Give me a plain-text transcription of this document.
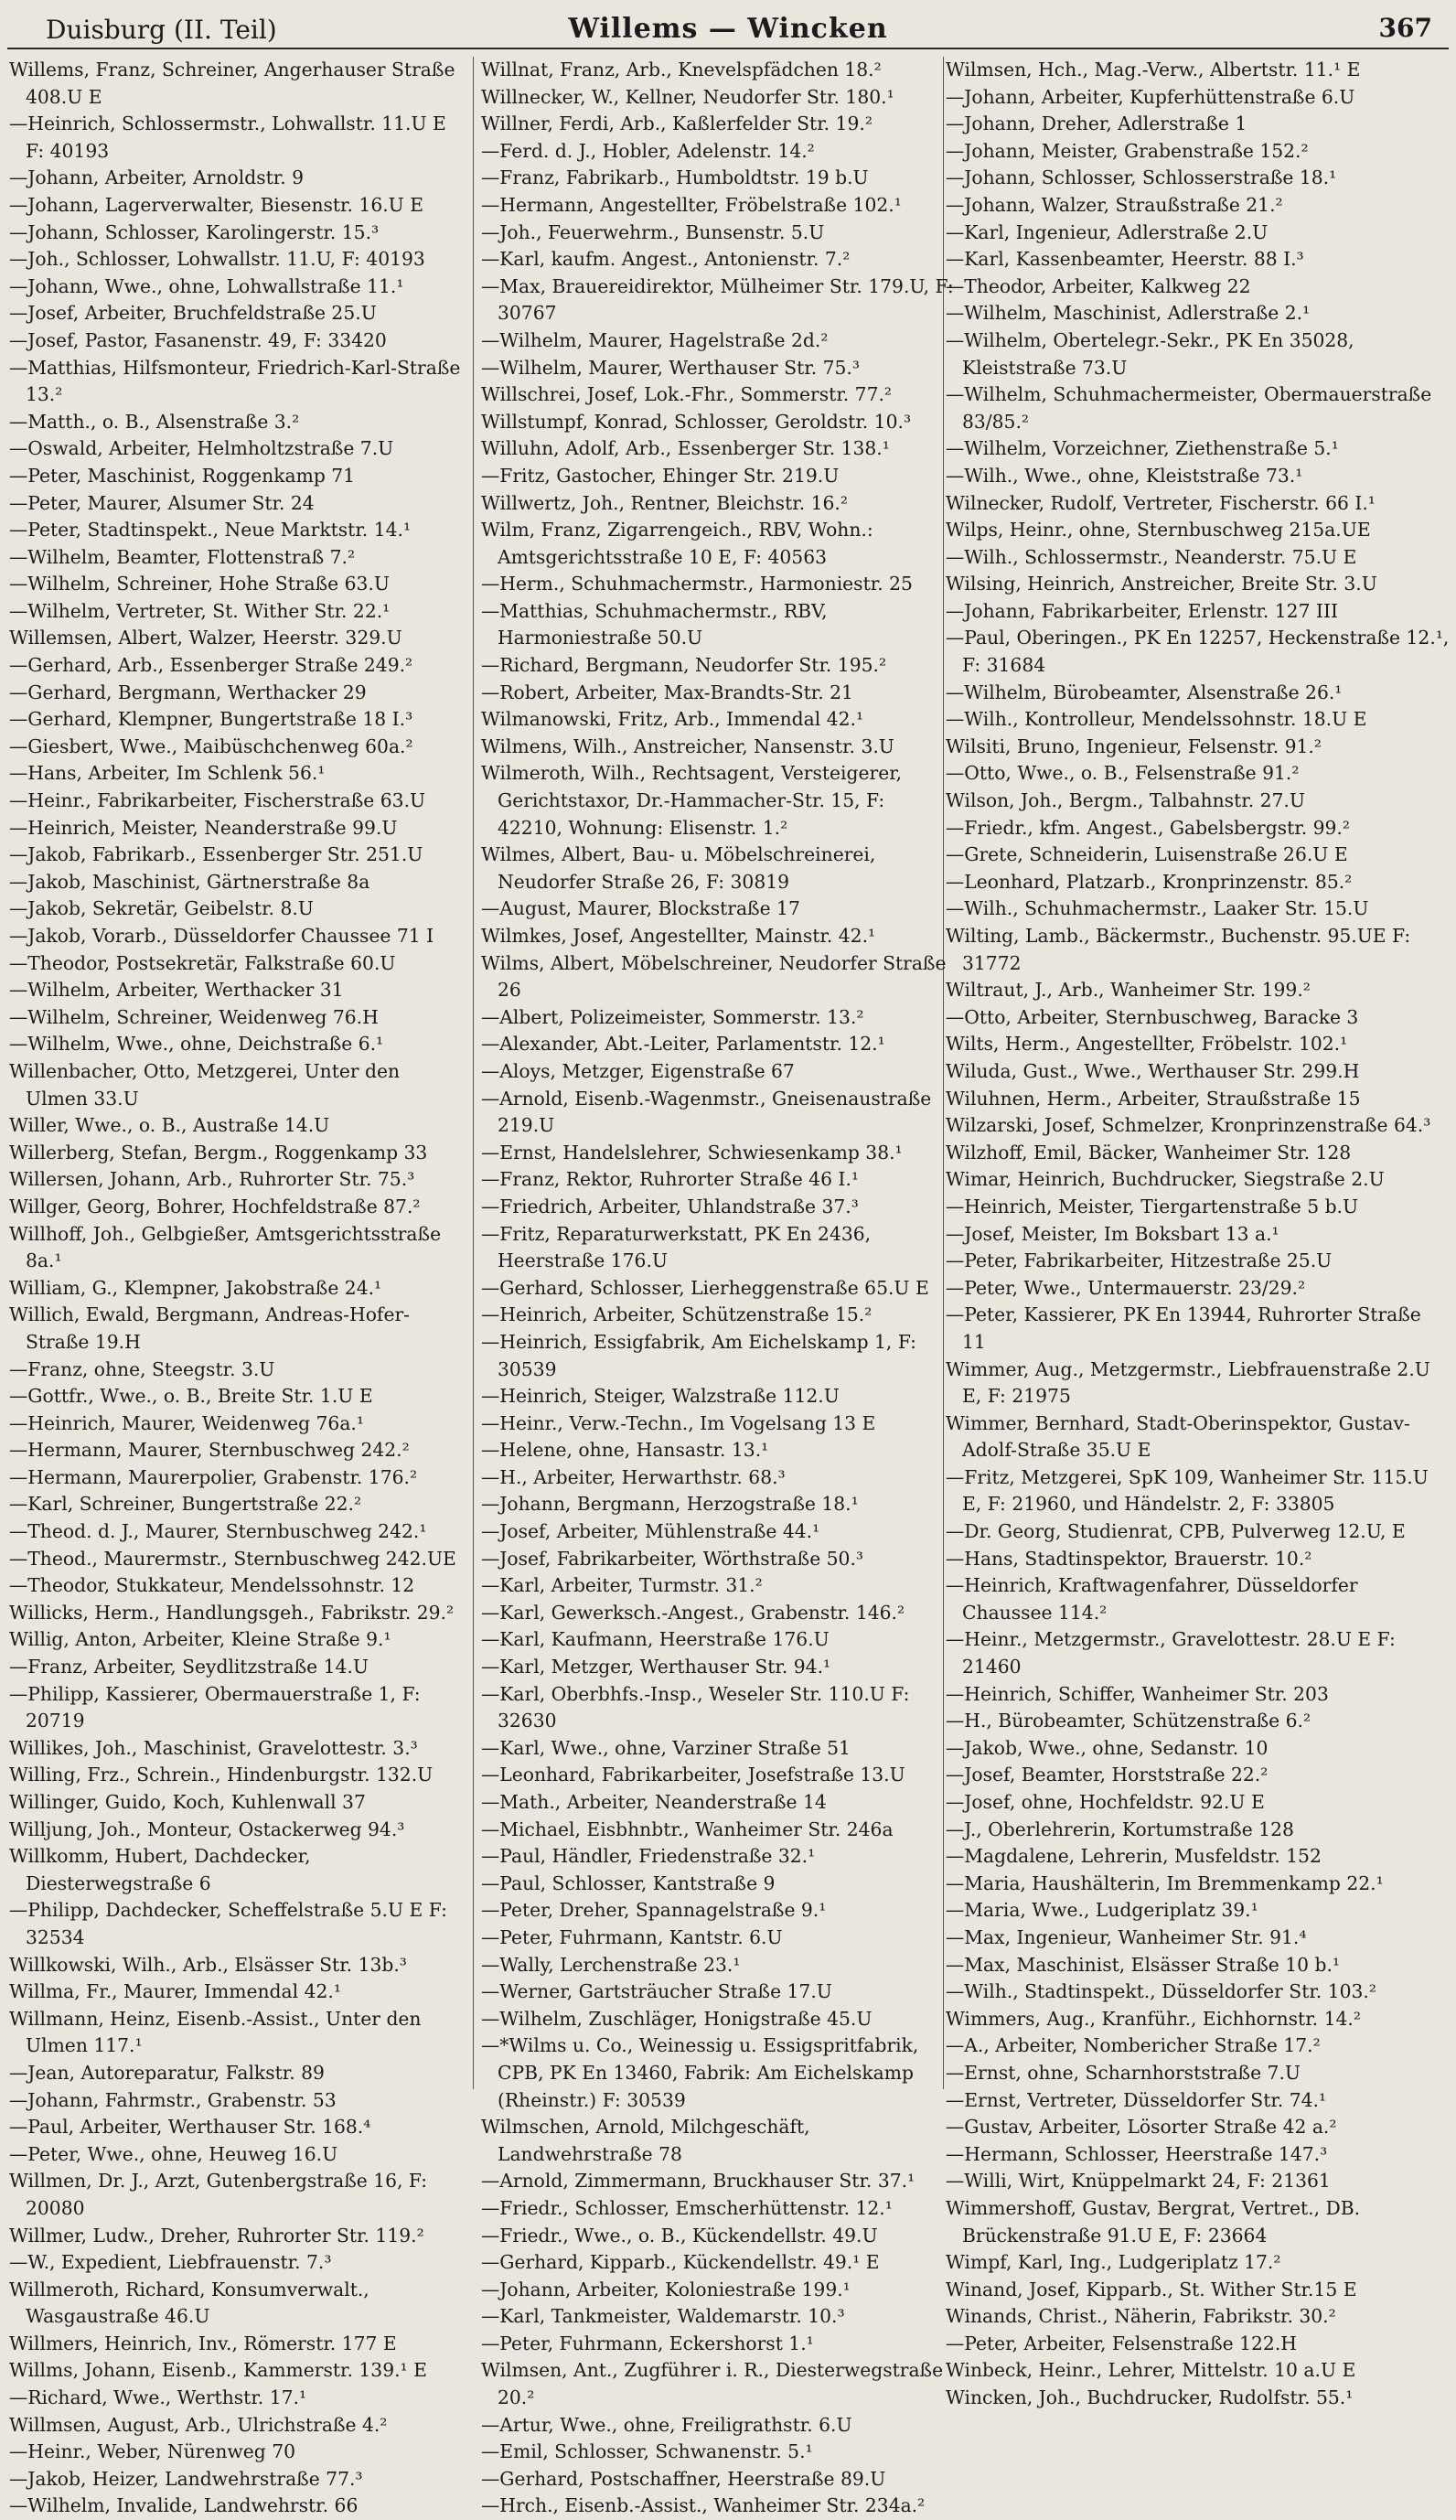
Duisburg (II. Teil)	Willems — Wincken	367
Willems, Franz, Schreiner, Angerhauser Straße 408.U E
—Heinrich, Schlossermstr., Lohwallstr. 11.U E F: 40193
—Johann, Arbeiter, Arnoldstr. 9
—Johann, Lagerverwalter, Biesenstr. 16.U E
—Johann, Schlosser, Karolingerstr. 15.³
—Joh., Schlosser, Lohwallstr. 11.U, F: 40193
—Johann, Wwe., ohne, Lohwallstraße 11.¹
—Josef, Arbeiter, Bruchfeldstraße 25.U
—Josef, Pastor, Fasanenstr. 49, F: 33420
—Matthias, Hilfsmonteur, Friedrich-Karl-Straße 13.²
—Matth., o. B., Alsenstraße 3.²
—Oswald, Arbeiter, Helmholtzstraße 7.U
—Peter, Maschinist, Roggenkamp 71
—Peter, Maurer, Alsumer Str. 24
—Peter, Stadtinspekt., Neue Marktstr. 14.¹
—Wilhelm, Beamter, Flottenstraß 7.²
—Wilhelm, Schreiner, Hohe Straße 63.U
—Wilhelm, Vertreter, St. Wither Str. 22.¹
Willemsen, Albert, Walzer, Heerstr. 329.U
—Gerhard, Arb., Essenberger Straße 249.²
—Gerhard, Bergmann, Werthacker 29
—Gerhard, Klempner, Bungertstraße 18 I.³
—Giesbert, Wwe., Maibüschchenweg 60a.²
—Hans, Arbeiter, Im Schlenk 56.¹
—Heinr., Fabrikarbeiter, Fischerstraße 63.U
—Heinrich, Meister, Neanderstraße 99.U
—Jakob, Fabrikarb., Essenberger Str. 251.U
—Jakob, Maschinist, Gärtnerstraße 8a
—Jakob, Sekretär, Geibelstr. 8.U
—Jakob, Vorarb., Düsseldorfer Chaussee 71 I
—Theodor, Postsekretär, Falkstraße 60.U
—Wilhelm, Arbeiter, Werthacker 31
—Wilhelm, Schreiner, Weidenweg 76.H
—Wilhelm, Wwe., ohne, Deichstraße 6.¹
Willenbacher, Otto, Metzgerei, Unter den Ulmen 33.U
Willer, Wwe., o. B., Austraße 14.U
Willerberg, Stefan, Bergm., Roggenkamp 33
Willersen, Johann, Arb., Ruhrorter Str. 75.³
Willger, Georg, Bohrer, Hochfeldstraße 87.²
Willhoff, Joh., Gelbgießer, Amtsgerichtsstraße 8a.¹
William, G., Klempner, Jakobstraße 24.¹
Willich, Ewald, Bergmann, Andreas-Hofer-Straße 19.H
—Franz, ohne, Steegstr. 3.U
—Gottfr., Wwe., o. B., Breite Str. 1.U E
—Heinrich, Maurer, Weidenweg 76a.¹
—Hermann, Maurer, Sternbuschweg 242.²
—Hermann, Maurerpolier, Grabenstr. 176.²
—Karl, Schreiner, Bungertstraße 22.²
—Theod. d. J., Maurer, Sternbuschweg 242.¹
—Theod., Maurermstr., Sternbuschweg 242.UE
—Theodor, Stukkateur, Mendelssohnstr. 12
Willicks, Herm., Handlungsgeh., Fabrikstr. 29.²
Willig, Anton, Arbeiter, Kleine Straße 9.¹
—Franz, Arbeiter, Seydlitzstraße 14.U
—Philipp, Kassierer, Obermauerstraße 1, F: 20719
Willikes, Joh., Maschinist, Gravelottestr. 3.³
Willing, Frz., Schrein., Hindenburgstr. 132.U
Willinger, Guido, Koch, Kuhlenwall 37
Willjung, Joh., Monteur, Ostackerweg 94.³
Willkomm, Hubert, Dachdecker, Diesterwegstraße 6
—Philipp, Dachdecker, Scheffelstraße 5.U E F: 32534
Willkowski, Wilh., Arb., Elsässer Str. 13b.³
Willma, Fr., Maurer, Immendal 42.¹
Willmann, Heinz, Eisenb.-Assist., Unter den Ulmen 117.¹
—Jean, Autoreparatur, Falkstr. 89
—Johann, Fahrmstr., Grabenstr. 53
—Paul, Arbeiter, Werthauser Str. 168.⁴
—Peter, Wwe., ohne, Heuweg 16.U
Willmen, Dr. J., Arzt, Gutenbergstraße 16, F: 20080
Willmer, Ludw., Dreher, Ruhrorter Str. 119.²
—W., Expedient, Liebfrauenstr. 7.³
Willmeroth, Richard, Konsumverwalt., Wasgaustraße 46.U
Willmers, Heinrich, Inv., Römerstr. 177 E
Willms, Johann, Eisenb., Kammerstr. 139.¹ E
—Richard, Wwe., Werthstr. 17.¹
Willmsen, August, Arb., Ulrichstraße 4.²
—Heinr., Weber, Nürenweg 70
—Jakob, Heizer, Landwehrstraße 77.³
—Wilhelm, Invalide, Landwehrstr. 66
Willnat, Franz, Arb., Knevelspfädchen 18.²
Willnecker, W., Kellner, Neudorfer Str. 180.¹
Willner, Ferdi, Arb., Kaßlerfelder Str. 19.²
—Ferd. d. J., Hobler, Adelenstr. 14.²
—Franz, Fabrikarb., Humboldtstr. 19 b.U
—Hermann, Angestellter, Fröbelstraße 102.¹
—Joh., Feuerwehrm., Bunsenstr. 5.U
—Karl, kaufm. Angest., Antonienstr. 7.²
—Max, Brauereidirektor, Mülheimer Str. 179.U, F: 30767
—Wilhelm, Maurer, Hagelstraße 2d.²
—Wilhelm, Maurer, Werthauser Str. 75.³
Willschrei, Josef, Lok.-Fhr., Sommerstr. 77.²
Willstumpf, Konrad, Schlosser, Geroldstr. 10.³
Willuhn, Adolf, Arb., Essenberger Str. 138.¹
—Fritz, Gastocher, Ehinger Str. 219.U
Willwertz, Joh., Rentner, Bleichstr. 16.²
Wilm, Franz, Zigarrengeich., RBV, Wohn.: Amtsgerichtsstraße 10 E, F: 40563
—Herm., Schuhmachermstr., Harmoniestr. 25
—Matthias, Schuhmachermstr., RBV, Harmoniestraße 50.U
—Richard, Bergmann, Neudorfer Str. 195.²
—Robert, Arbeiter, Max-Brandts-Str. 21
Wilmanowski, Fritz, Arb., Immendal 42.¹
Wilmens, Wilh., Anstreicher, Nansenstr. 3.U
Wilmeroth, Wilh., Rechtsagent, Versteigerer, Gerichtstaxor, Dr.-Hammacher-Str. 15, F: 42210, Wohnung: Elisenstr. 1.²
Wilmes, Albert, Bau- u. Möbelschreinerei, Neudorfer Straße 26, F: 30819
—August, Maurer, Blockstraße 17
Wilmkes, Josef, Angestellter, Mainstr. 42.¹
Wilms, Albert, Möbelschreiner, Neudorfer Straße 26
—Albert, Polizeimeister, Sommerstr. 13.²
—Alexander, Abt.-Leiter, Parlamentstr. 12.¹
—Aloys, Metzger, Eigenstraße 67
—Arnold, Eisenb.-Wagenmstr., Gneisenaustraße 219.U
—Ernst, Handelslehrer, Schwiesenkamp 38.¹
—Franz, Rektor, Ruhrorter Straße 46 I.¹
—Friedrich, Arbeiter, Uhlandstraße 37.³
—Fritz, Reparaturwerkstatt, PK En 2436, Heerstraße 176.U
—Gerhard, Schlosser, Lierheggenstraße 65.U E
—Heinrich, Arbeiter, Schützenstraße 15.²
—Heinrich, Essigfabrik, Am Eichelskamp 1, F: 30539
—Heinrich, Steiger, Walzstraße 112.U
—Heinr., Verw.-Techn., Im Vogelsang 13 E
—Helene, ohne, Hansastr. 13.¹
—H., Arbeiter, Herwarthstr. 68.³
—Johann, Bergmann, Herzogstraße 18.¹
—Josef, Arbeiter, Mühlenstraße 44.¹
—Josef, Fabrikarbeiter, Wörthstraße 50.³
—Karl, Arbeiter, Turmstr. 31.²
—Karl, Gewerksch.-Angest., Grabenstr. 146.²
—Karl, Kaufmann, Heerstraße 176.U
—Karl, Metzger, Werthauser Str. 94.¹
—Karl, Oberbhfs.-Insp., Weseler Str. 110.U F: 32630
—Karl, Wwe., ohne, Varziner Straße 51
—Leonhard, Fabrikarbeiter, Josefstraße 13.U
—Math., Arbeiter, Neanderstraße 14
—Michael, Eisbhnbtr., Wanheimer Str. 246a
—Paul, Händler, Friedenstraße 32.¹
—Paul, Schlosser, Kantstraße 9
—Peter, Dreher, Spannagelstraße 9.¹
—Peter, Fuhrmann, Kantstr. 6.U
—Wally, Lerchenstraße 23.¹
—Werner, Gartsträucher Straße 17.U
—Wilhelm, Zuschläger, Honigstraße 45.U
—*Wilms u. Co., Weinessig u. Essigspritfabrik, CPB, PK En 13460, Fabrik: Am Eichelskamp (Rheinstr.) F: 30539
Wilmschen, Arnold, Milchgeschäft, Landwehrstraße 78
—Arnold, Zimmermann, Bruckhauser Str. 37.¹
—Friedr., Schlosser, Emscherhüttenstr. 12.¹
—Friedr., Wwe., o. B., Kückendellstr. 49.U
—Gerhard, Kipparb., Kückendellstr. 49.¹ E
—Johann, Arbeiter, Koloniestraße 199.¹
—Karl, Tankmeister, Waldemarstr. 10.³
—Peter, Fuhrmann, Eckershorst 1.¹
Wilmsen, Ant., Zugführer i. R., Diesterwegstraße 20.²
—Artur, Wwe., ohne, Freiligrathstr. 6.U
—Emil, Schlosser, Schwanenstr. 5.¹
—Gerhard, Postschaffner, Heerstraße 89.U
—Hrch., Eisenb.-Assist., Wanheimer Str. 234a.²
Wilmsen, Hch., Mag.-Verw., Albertstr. 11.¹ E
—Johann, Arbeiter, Kupferhüttenstraße 6.U
—Johann, Dreher, Adlerstraße 1
—Johann, Meister, Grabenstraße 152.²
—Johann, Schlosser, Schlosserstraße 18.¹
—Johann, Walzer, Straußstraße 21.²
—Karl, Ingenieur, Adlerstraße 2.U
—Karl, Kassenbeamter, Heerstr. 88 I.³
—Theodor, Arbeiter, Kalkweg 22
—Wilhelm, Maschinist, Adlerstraße 2.¹
—Wilhelm, Obertelegr.-Sekr., PK En 35028, Kleiststraße 73.U
—Wilhelm, Schuhmachermeister, Obermauerstraße 83/85.²
—Wilhelm, Vorzeichner, Ziethenstraße 5.¹
—Wilh., Wwe., ohne, Kleiststraße 73.¹
Wilnecker, Rudolf, Vertreter, Fischerstr. 66 I.¹
Wilps, Heinr., ohne, Sternbuschweg 215a.UE
—Wilh., Schlossermstr., Neanderstr. 75.U E
Wilsing, Heinrich, Anstreicher, Breite Str. 3.U
—Johann, Fabrikarbeiter, Erlenstr. 127 III
—Paul, Oberingen., PK En 12257, Heckenstraße 12.¹, F: 31684
—Wilhelm, Bürobeamter, Alsenstraße 26.¹
—Wilh., Kontrolleur, Mendelssohnstr. 18.U E
Wilsiti, Bruno, Ingenieur, Felsenstr. 91.²
—Otto, Wwe., o. B., Felsenstraße 91.²
Wilson, Joh., Bergm., Talbahnstr. 27.U
—Friedr., kfm. Angest., Gabelsbergstr. 99.²
—Grete, Schneiderin, Luisenstraße 26.U E
—Leonhard, Platzarb., Kronprinzenstr. 85.²
—Wilh., Schuhmachermstr., Laaker Str. 15.U
Wilting, Lamb., Bäckermstr., Buchenstr. 95.UE F: 31772
Wiltraut, J., Arb., Wanheimer Str. 199.²
—Otto, Arbeiter, Sternbuschweg, Baracke 3
Wilts, Herm., Angestellter, Fröbelstr. 102.¹
Wiluda, Gust., Wwe., Werthauser Str. 299.H
Wiluhnen, Herm., Arbeiter, Straußstraße 15
Wilzarski, Josef, Schmelzer, Kronprinzenstraße 64.³
Wilzhoff, Emil, Bäcker, Wanheimer Str. 128
Wimar, Heinrich, Buchdrucker, Siegstraße 2.U
—Heinrich, Meister, Tiergartenstraße 5 b.U
—Josef, Meister, Im Boksbart 13 a.¹
—Peter, Fabrikarbeiter, Hitzestraße 25.U
—Peter, Wwe., Untermauerstr. 23/29.²
—Peter, Kassierer, PK En 13944, Ruhrorter Straße 11
Wimmer, Aug., Metzgermstr., Liebfrauenstraße 2.U E, F: 21975
Wimmer, Bernhard, Stadt-Oberinspektor, Gustav-Adolf-Straße 35.U E
—Fritz, Metzgerei, SpK 109, Wanheimer Str. 115.U E, F: 21960, und Händelstr. 2, F: 33805
—Dr. Georg, Studienrat, CPB, Pulverweg 12.U, E
—Hans, Stadtinspektor, Brauerstr. 10.²
—Heinrich, Kraftwagenfahrer, Düsseldorfer Chaussee 114.²
—Heinr., Metzgermstr., Gravelottestr. 28.U E F: 21460
—Heinrich, Schiffer, Wanheimer Str. 203
—H., Bürobeamter, Schützenstraße 6.²
—Jakob, Wwe., ohne, Sedanstr. 10
—Josef, Beamter, Horststraße 22.²
—Josef, ohne, Hochfeldstr. 92.U E
—J., Oberlehrerin, Kortumstraße 128
—Magdalene, Lehrerin, Musfeldstr. 152
—Maria, Haushälterin, Im Bremmenkamp 22.¹
—Maria, Wwe., Ludgeriplatz 39.¹
—Max, Ingenieur, Wanheimer Str. 91.⁴
—Max, Maschinist, Elsässer Straße 10 b.¹
—Wilh., Stadtinspekt., Düsseldorfer Str. 103.²
Wimmers, Aug., Kranführ., Eichhornstr. 14.²
—A., Arbeiter, Nombericher Straße 17.²
—Ernst, ohne, Scharnhorststraße 7.U
—Ernst, Vertreter, Düsseldorfer Str. 74.¹
—Gustav, Arbeiter, Lösorter Straße 42 a.²
—Hermann, Schlosser, Heerstraße 147.³
—Willi, Wirt, Knüppelmarkt 24, F: 21361
Wimmershoff, Gustav, Bergrat, Vertret., DB. Brückenstraße 91.U E, F: 23664
Wimpf, Karl, Ing., Ludgeriplatz 17.²
Winand, Josef, Kipparb., St. Wither Str.15 E
Winands, Christ., Näherin, Fabrikstr. 30.²
—Peter, Arbeiter, Felsenstraße 122.H
Winbeck, Heinr., Lehrer, Mittelstr. 10 a.U E
Wincken, Joh., Buchdrucker, Rudolfstr. 55.¹
